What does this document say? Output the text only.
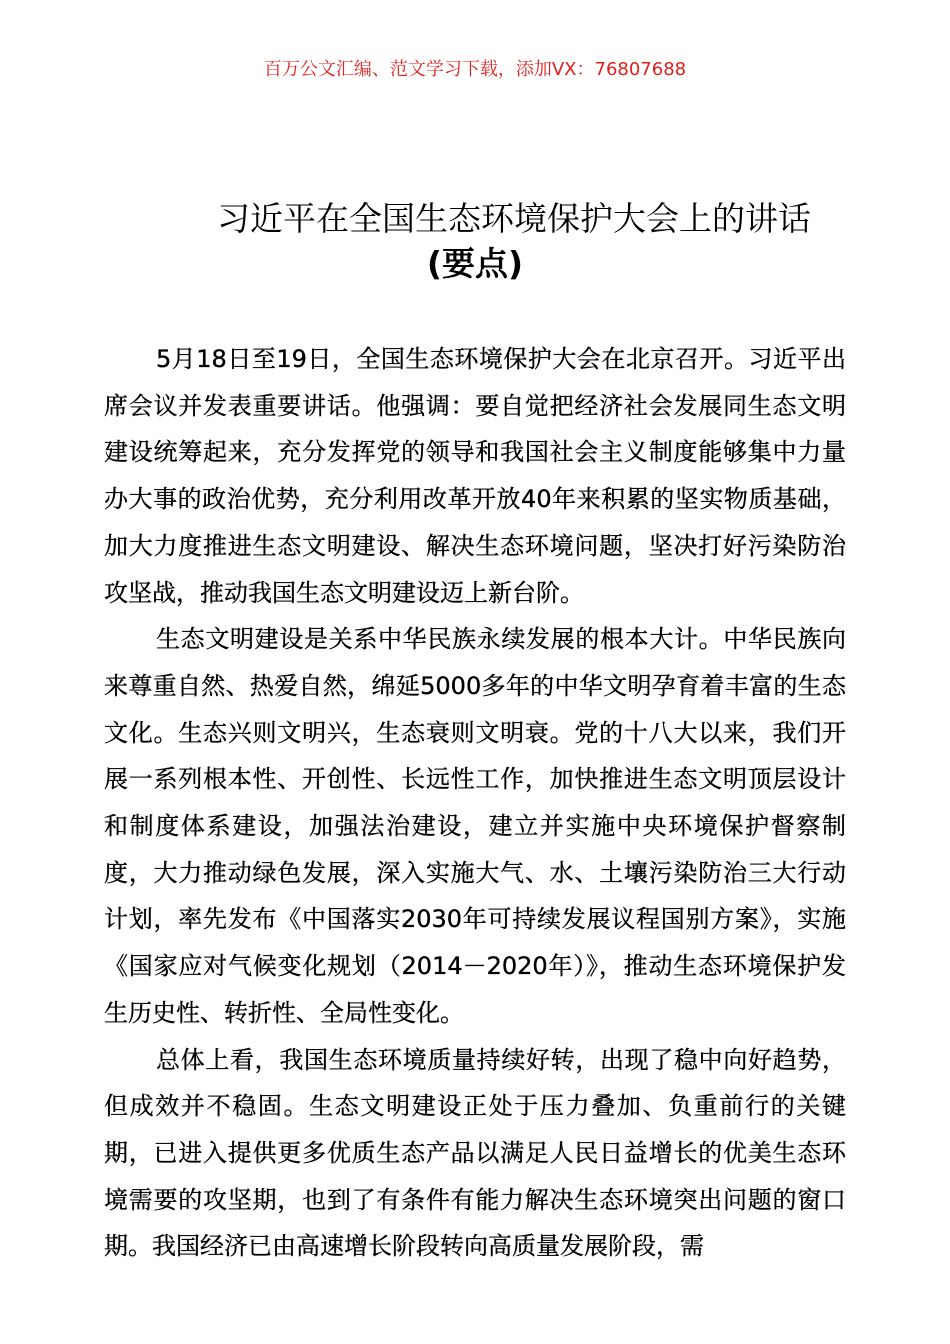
百万公文汇编、范文学习下载，添加VX：76807688
习近平在全国生态环境保护大会上的讲话
(要点)

5月18日至19日，全国生态环境保护大会在北京召开。习近平出席会议并发表重要讲话。他强调：要自觉把经济社会发展同生态文明建设统筹起来，充分发挥党的领导和我国社会主义制度能够集中力量办大事的政治优势，充分利用改革开放40年来积累的坚实物质基础，加大力度推进生态文明建设、解决生态环境问题，坚决打好污染防治攻坚战，推动我国生态文明建设迈上新台阶。

生态文明建设是关系中华民族永续发展的根本大计。中华民族向来尊重自然、热爱自然，绵延5000多年的中华文明孕育着丰富的生态文化。生态兴则文明兴，生态衰则文明衰。党的十八大以来，我们开展一系列根本性、开创性、长远性工作，加快推进生态文明顶层设计和制度体系建设，加强法治建设，建立并实施中央环境保护督察制度，大力推动绿色发展，深入实施大气、水、土壤污染防治三大行动计划，率先发布《中国落实2030年可持续发展议程国别方案》，实施《国家应对气候变化规划（2014－2020年）》，推动生态环境保护发生历史性、转折性、全局性变化。

总体上看，我国生态环境质量持续好转，出现了稳中向好趋势，但成效并不稳固。生态文明建设正处于压力叠加、负重前行的关键期，已进入提供更多优质生态产品以满足人民日益增长的优美生态环境需要的攻坚期，也到了有条件有能力解决生态环境突出问题的窗口期。我国经济已由高速增长阶段转向高质量发展阶段，需
